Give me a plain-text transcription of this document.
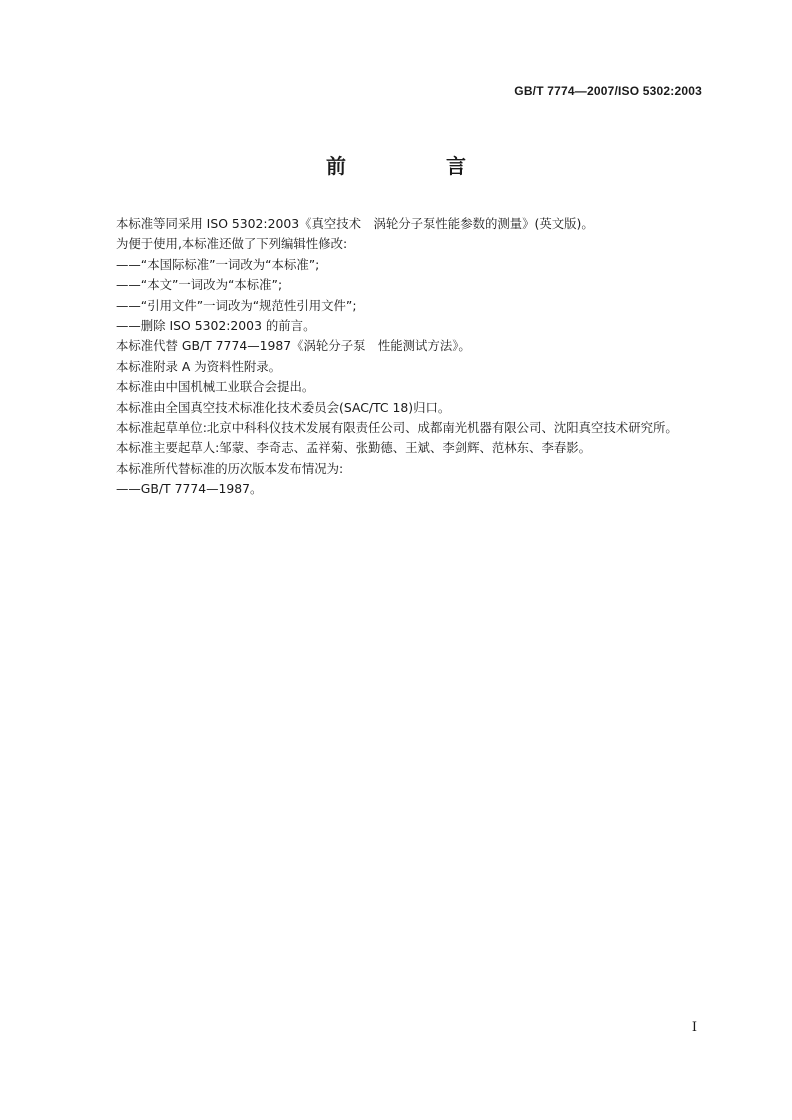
GB/T 7774—2007/ISO 5302:2003
前　言

本标准等同采用 ISO 5302:2003《真空技术　涡轮分子泵性能参数的测量》(英文版)。

为便于使用,本标准还做了下列编辑性修改:

——“本国际标准”一词改为“本标准”;

——“本文”一词改为“本标准”;

——“引用文件”一词改为“规范性引用文件”;

——删除 ISO 5302:2003 的前言。

本标准代替 GB/T 7774—1987《涡轮分子泵　性能测试方法》。

本标准附录 A 为资料性附录。

本标准由中国机械工业联合会提出。

本标准由全国真空技术标准化技术委员会(SAC/TC 18)归口。

本标准起草单位:北京中科科仪技术发展有限责任公司、成都南光机器有限公司、沈阳真空技术研究所。

本标准主要起草人:邹蒙、李奇志、孟祥菊、张勤德、王斌、李剑辉、范林东、李春影。

本标准所代替标准的历次版本发布情况为:

——GB/T 7774—1987。

I
